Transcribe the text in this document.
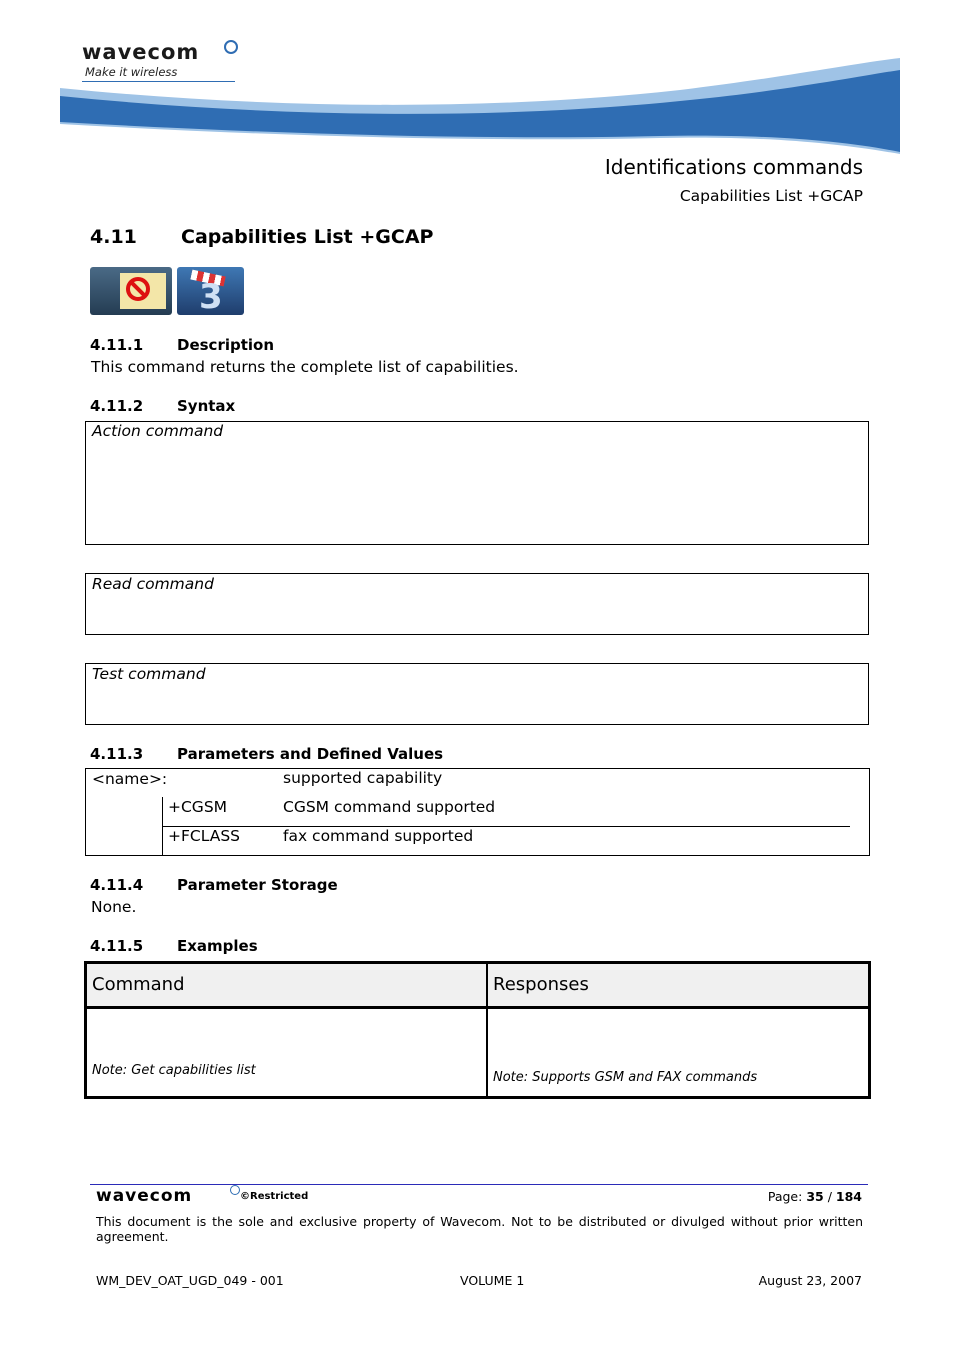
wavecom
Make it wireless
Identifications commands
Capabilities List +GCAP
4.11 Capabilities List +GCAP
3
4.11.1 Description
This command returns the complete list of capabilities.
4.11.2 Syntax
Action command
Read command
Test command
4.11.3 Parameters and Defined Values
<name>:	supported capability
+CGSM	CGSM command supported
+FCLASS	fax command supported
4.11.4 Parameter Storage
None.
4.11.5 Examples
Command	Responses
Note: Get capabilities list	Note: Supports GSM and FAX commands
wavecom	©Restricted	Page: 35 / 184
This document is the sole and exclusive property of Wavecom. Not to be distributed or divulged without prior written agreement.
WM_DEV_OAT_UGD_049 - 001	VOLUME 1	August 23, 2007
